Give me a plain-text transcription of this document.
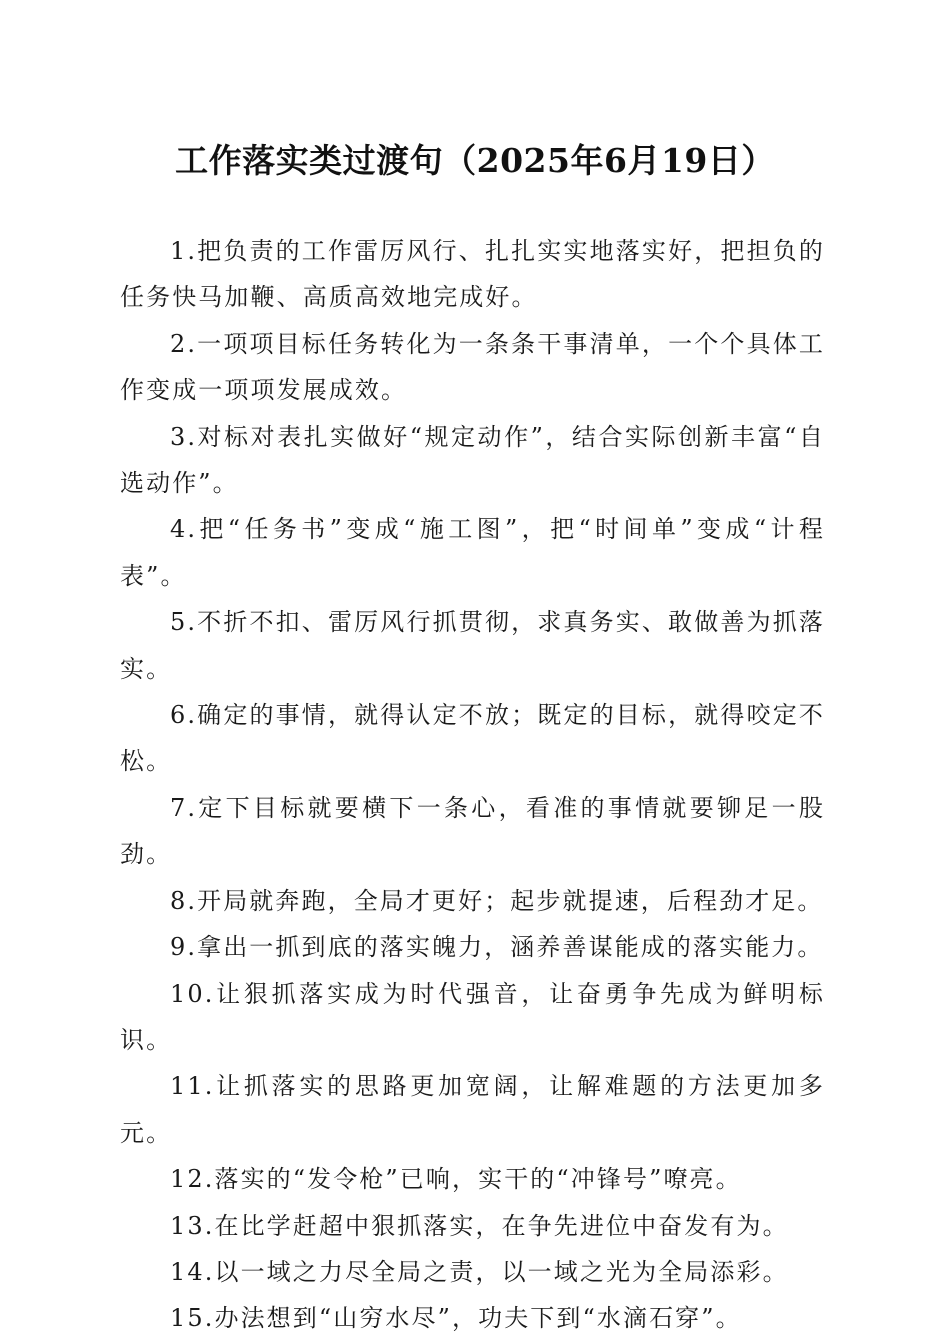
工作落实类过渡句（2025年6月19日）

1.把负责的工作雷厉风行、扎扎实实地落实好，把担负的任务快马加鞭、高质高效地完成好。

2.一项项目标任务转化为一条条干事清单，一个个具体工作变成一项项发展成效。

3.对标对表扎实做好“规定动作”，结合实际创新丰富“自选动作”。

4.把“任务书”变成“施工图”，把“时间单”变成“计程表”。

5.不折不扣、雷厉风行抓贯彻，求真务实、敢做善为抓落实。

6.确定的事情，就得认定不放；既定的目标，就得咬定不松。

7.定下目标就要横下一条心，看准的事情就要铆足一股劲。

8.开局就奔跑，全局才更好；起步就提速，后程劲才足。

9.拿出一抓到底的落实魄力，涵养善谋能成的落实能力。

10.让狠抓落实成为时代强音，让奋勇争先成为鲜明标识。

11.让抓落实的思路更加宽阔，让解难题的方法更加多元。

12.落实的“发令枪”已响，实干的“冲锋号”嘹亮。

13.在比学赶超中狠抓落实，在争先进位中奋发有为。

14.以一域之力尽全局之责，以一域之光为全局添彩。

15.办法想到“山穷水尽”，功夫下到“水滴石穿”。
